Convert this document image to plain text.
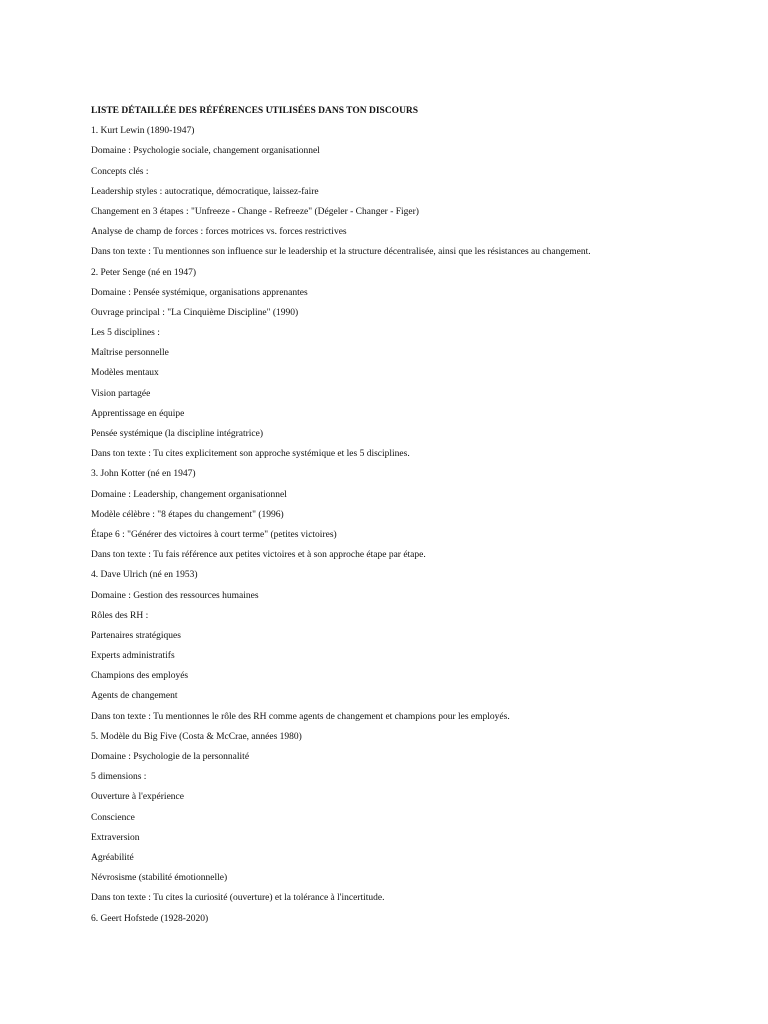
LISTE DÉTAILLÉE DES RÉFÉRENCES UTILISÉES DANS TON DISCOURS
1. Kurt Lewin (1890-1947)
Domaine : Psychologie sociale, changement organisationnel
Concepts clés :
Leadership styles : autocratique, démocratique, laissez-faire
Changement en 3 étapes : "Unfreeze - Change - Refreeze" (Dégeler - Changer - Figer)
Analyse de champ de forces : forces motrices vs. forces restrictives
Dans ton texte : Tu mentionnes son influence sur le leadership et la structure décentralisée, ainsi que les résistances au changement.
2. Peter Senge (né en 1947)
Domaine : Pensée systémique, organisations apprenantes
Ouvrage principal : "La Cinquième Discipline" (1990)
Les 5 disciplines :
Maîtrise personnelle
Modèles mentaux
Vision partagée
Apprentissage en équipe
Pensée systémique (la discipline intégratrice)
Dans ton texte : Tu cites explicitement son approche systémique et les 5 disciplines.
3. John Kotter (né en 1947)
Domaine : Leadership, changement organisationnel
Modèle célèbre : "8 étapes du changement" (1996)
Étape 6 : "Générer des victoires à court terme" (petites victoires)
Dans ton texte : Tu fais référence aux petites victoires et à son approche étape par étape.
4. Dave Ulrich (né en 1953)
Domaine : Gestion des ressources humaines
Rôles des RH :
Partenaires stratégiques
Experts administratifs
Champions des employés
Agents de changement
Dans ton texte : Tu mentionnes le rôle des RH comme agents de changement et champions pour les employés.
5. Modèle du Big Five (Costa & McCrae, années 1980)
Domaine : Psychologie de la personnalité
5 dimensions :
Ouverture à l'expérience
Conscience
Extraversion
Agréabilité
Névrosisme (stabilité émotionnelle)
Dans ton texte : Tu cites la curiosité (ouverture) et la tolérance à l'incertitude.
6. Geert Hofstede (1928-2020)
